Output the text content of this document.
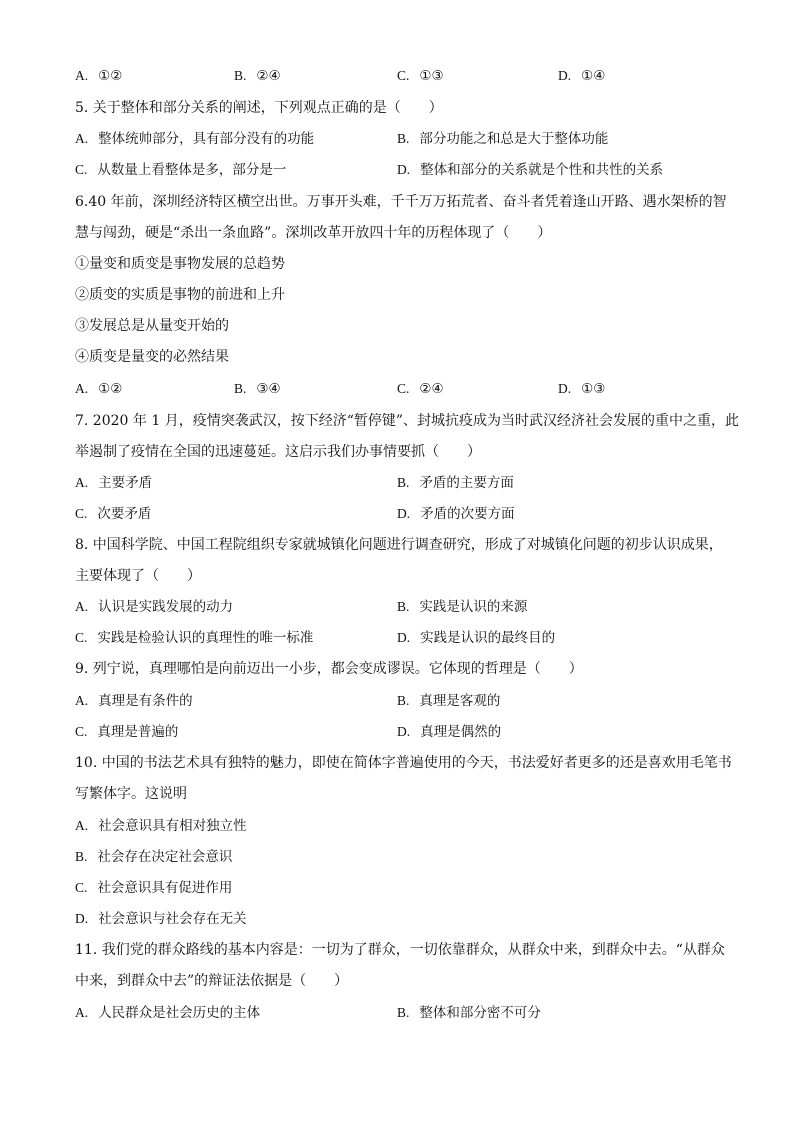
A. ①②	B. ②④	C. ①③	D. ①④
5. 关于整体和部分关系的阐述，下列观点正确的是（　　）
A. 整体统帅部分，具有部分没有的功能	B. 部分功能之和总是大于整体功能
C. 从数量上看整体是多，部分是一	D. 整体和部分的关系就是个性和共性的关系
6.40 年前，深圳经济特区横空出世。万事开头难，千千万万拓荒者、奋斗者凭着逢山开路、遇水架桥的智
慧与闯劲，硬是“杀出一条血路”。深圳改革开放四十年的历程体现了（　　）
①量变和质变是事物发展的总趋势
②质变的实质是事物的前进和上升
③发展总是从量变开始的
④质变是量变的必然结果
A. ①②	B. ③④	C. ②④	D. ①③
7. 2020 年 1 月，疫情突袭武汉，按下经济“暂停键”、封城抗疫成为当时武汉经济社会发展的重中之重，此
举遏制了疫情在全国的迅速蔓延。这启示我们办事情要抓（　　）
A. 主要矛盾	B. 矛盾的主要方面
C. 次要矛盾	D. 矛盾的次要方面
8. 中国科学院、中国工程院组织专家就城镇化问题进行调查研究，形成了对城镇化问题的初步认识成果，
主要体现了（　　）
A. 认识是实践发展的动力	B. 实践是认识的来源
C. 实践是检验认识的真理性的唯一标准	D. 实践是认识的最终目的
9. 列宁说，真理哪怕是向前迈出一小步，都会变成谬误。它体现的哲理是（　　）
A. 真理是有条件的	B. 真理是客观的
C. 真理是普遍的	D. 真理是偶然的
10. 中国的书法艺术具有独特的魅力，即使在简体字普遍使用的今天，书法爱好者更多的还是喜欢用毛笔书
写繁体字。这说明
A. 社会意识具有相对独立性
B. 社会存在决定社会意识
C. 社会意识具有促进作用
D. 社会意识与社会存在无关
11. 我们党的群众路线的基本内容是：一切为了群众，一切依靠群众，从群众中来，到群众中去。“从群众
中来，到群众中去”的辩证法依据是（　　）
A. 人民群众是社会历史的主体	B. 整体和部分密不可分
